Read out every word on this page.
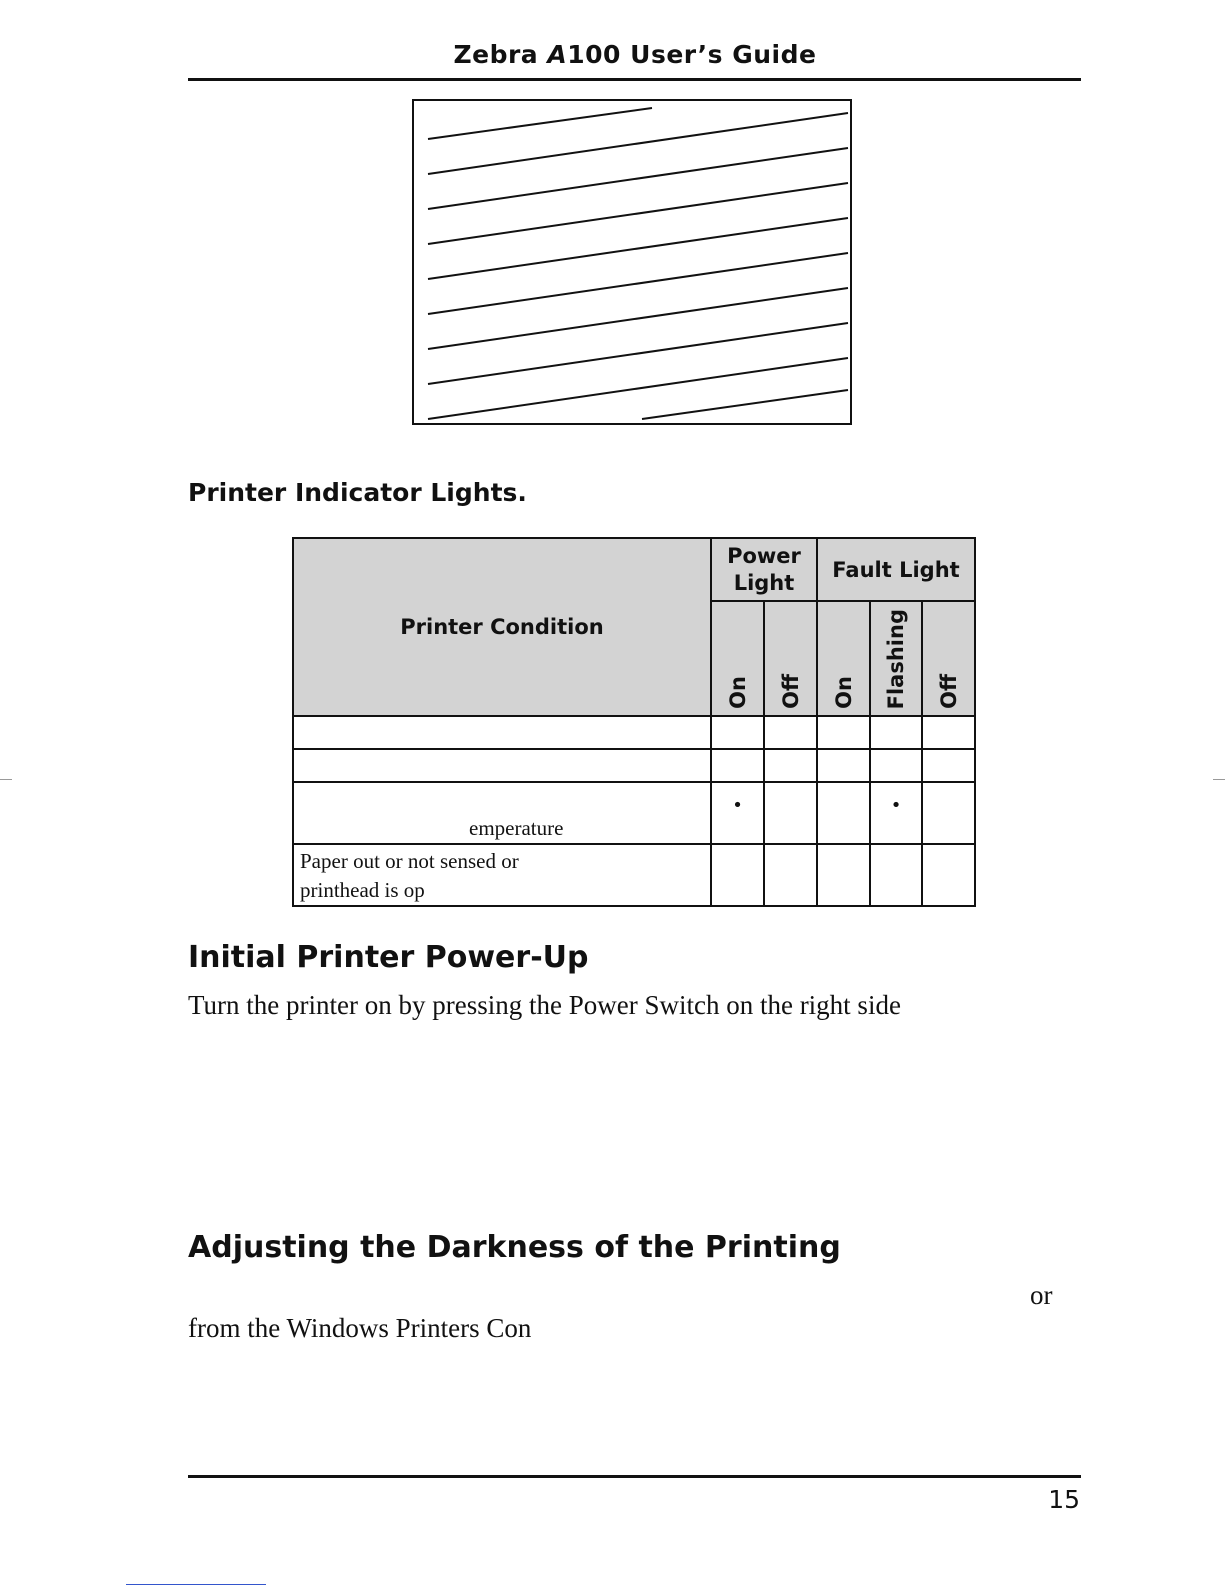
Zebra A100 User’s Guide
Printer Indicator Lights.
Printer Condition	Power Light		Fault Light		
	On	Off	On	Flashing	Off

emperature	•			•	

Paper out or not sensed or
printhead is op					

Initial Printer Power-Up
Turn the printer on by pressing the Power Switch on the right side
Adjusting the Darkness of the Printing
or
from the Windows Printers Con
15
